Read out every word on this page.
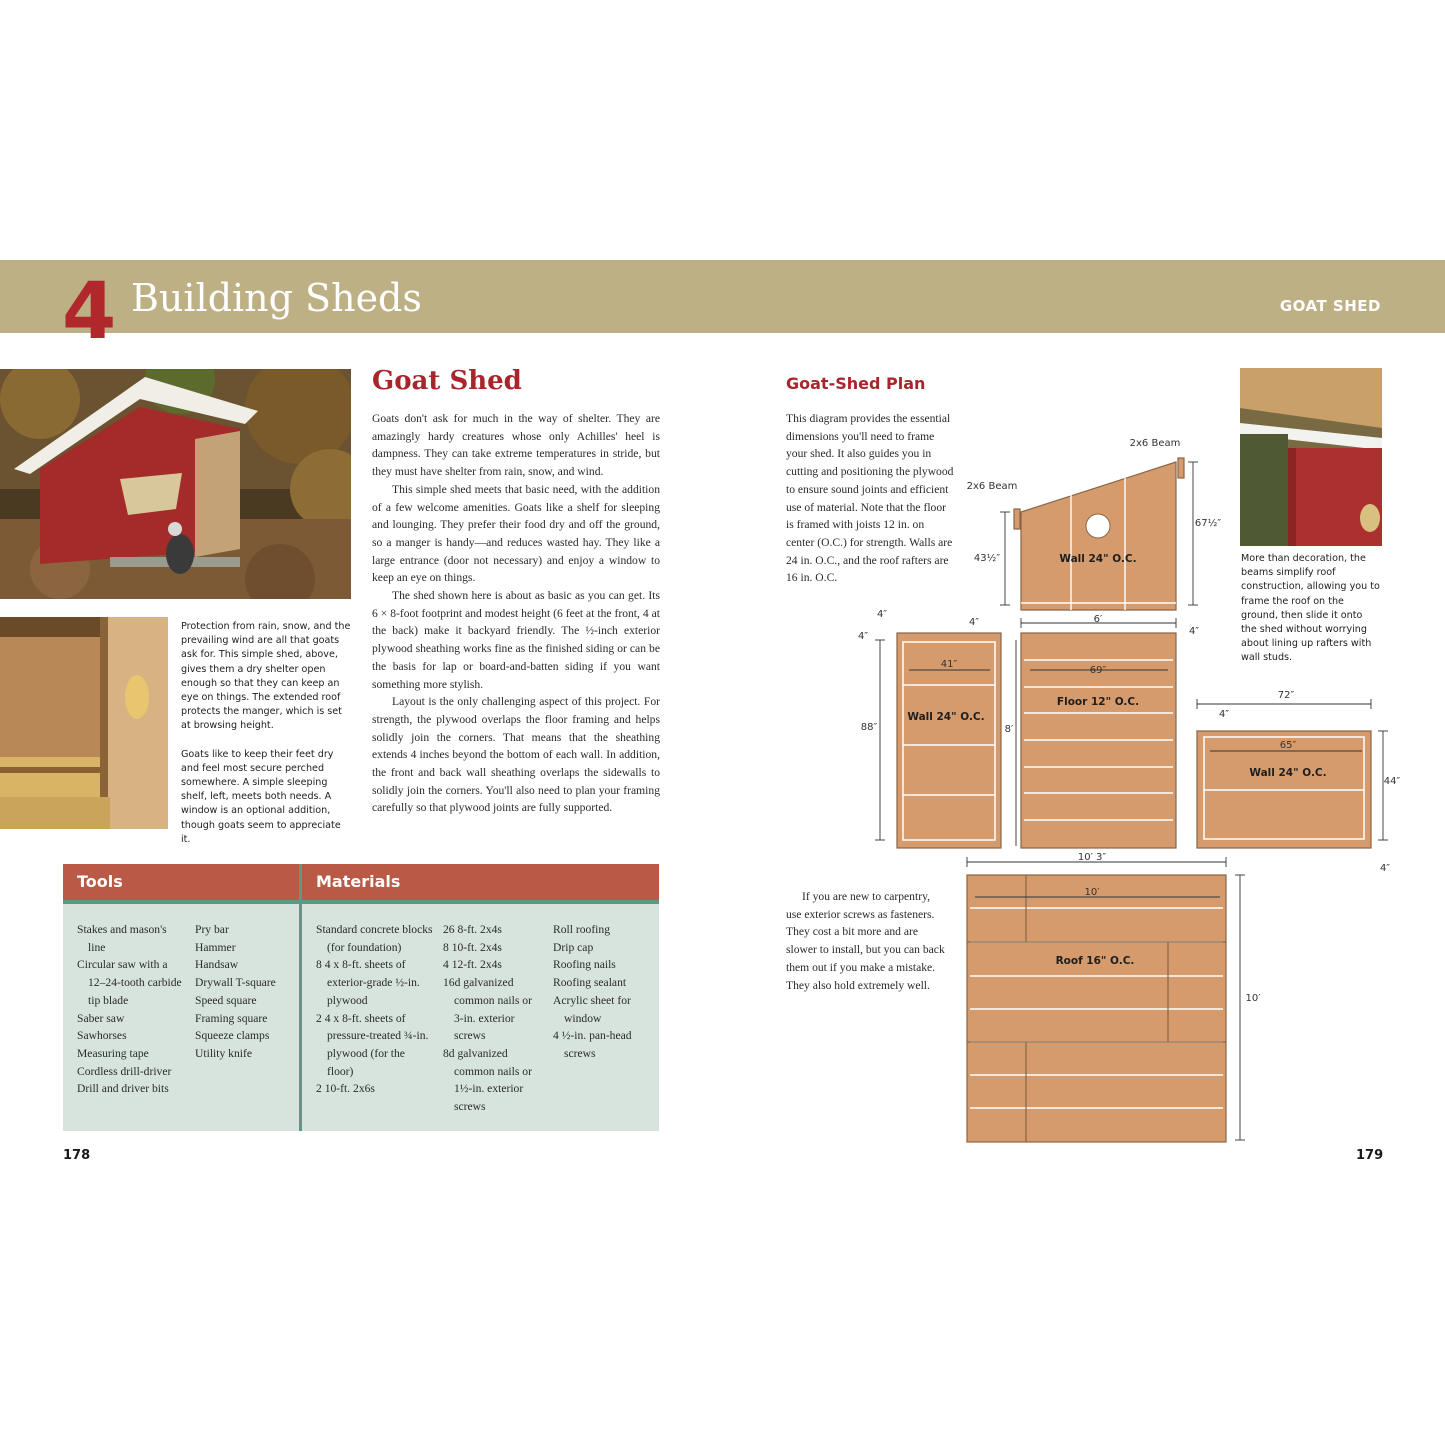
4 Building Sheds	GOAT SHED

Protection from rain, snow, and the prevailing wind are all that goats ask for. This simple shed, above, gives them a dry shelter open enough so that they can keep an eye on things. The extended roof protects the manger, which is set at browsing height.

Goats like to keep their feet dry and feel most secure perched somewhere. A simple sleeping shelf, left, meets both needs. A window is an optional addition, though goats seem to appreciate it.

Goat Shed

Goats don't ask for much in the way of shelter. They are amazingly hardy creatures whose only Achilles' heel is dampness. They can take extreme temperatures in stride, but they must have shelter from rain, snow, and wind.

This simple shed meets that basic need, with the addition of a few welcome amenities. Goats like a shelf for sleeping and lounging. They prefer their food dry and off the ground, so a manger is handy—and reduces wasted hay. They like a large entrance (door not necessary) and enjoy a window to keep an eye on things.

The shed shown here is about as basic as you can get. Its 6 × 8-foot footprint and modest height (6 feet at the front, 4 at the back) make it backyard friendly. The ½-inch exterior plywood sheathing works fine as the finished siding or can be the basis for lap or board-and-batten siding if you want something more stylish.

Layout is the only challenging aspect of this project. For strength, the plywood overlaps the floor framing and helps solidly join the corners. That means that the sheathing extends 4 inches beyond the bottom of each wall. In addition, the front and back wall sheathing overlaps the sidewalls to solidly join the corners. You'll also need to plan your framing carefully so that plywood joints are fully supported.

Tools	Materials
Stakes and mason's line
Circular saw with a 12–24-tooth carbide tip blade
Saber saw
Sawhorses
Measuring tape
Cordless drill-driver
Drill and driver bits
Pry bar
Hammer
Handsaw
Drywall T-square
Speed square
Framing square
Squeeze clamps
Utility knife
Standard concrete blocks (for foundation)
8 4 x 8-ft. sheets of exterior-grade ½-in. plywood
2 4 x 8-ft. sheets of pressure-treated ¾-in. plywood (for the floor)
2 10-ft. 2x6s
26 8-ft. 2x4s
8 10-ft. 2x4s
4 12-ft. 2x4s
16d galvanized common nails or 3-in. exterior screws
8d galvanized common nails or 1½-in. exterior screws
Roll roofing
Drip cap
Roofing nails
Roofing sealant
Acrylic sheet for window
4 ½-in. pan-head screws
178
Goat-Shed Plan
This diagram provides the essential dimensions you'll need to frame your shed. It also guides you in cutting and positioning the plywood to ensure sound joints and efficient use of material. Note that the floor is framed with joists 12 in. on center (O.C.) for strength. Walls are 24 in. O.C., and the roof rafters are 16 in. O.C.
If you are new to carpentry, use exterior screws as fasteners. They cost a bit more and are slower to install, but you can back them out if you make a mistake. They also hold extremely well.
More than decoration, the beams simplify roof construction, allowing you to frame the roof on the ground, then slide it onto the shed without worrying about lining up rafters with wall studs.
2x6 Beam
2x6 Beam
43½″
67½″
6′
4″
4″
4″
4″
88″
41″
8′
69″
72″
4″
65″
44″
4″
10′ 3″
10′
10′
Wall 24" O.C.
Wall 24" O.C.
Floor 12" O.C.
Wall 24" O.C.
Roof 16" O.C.
179
